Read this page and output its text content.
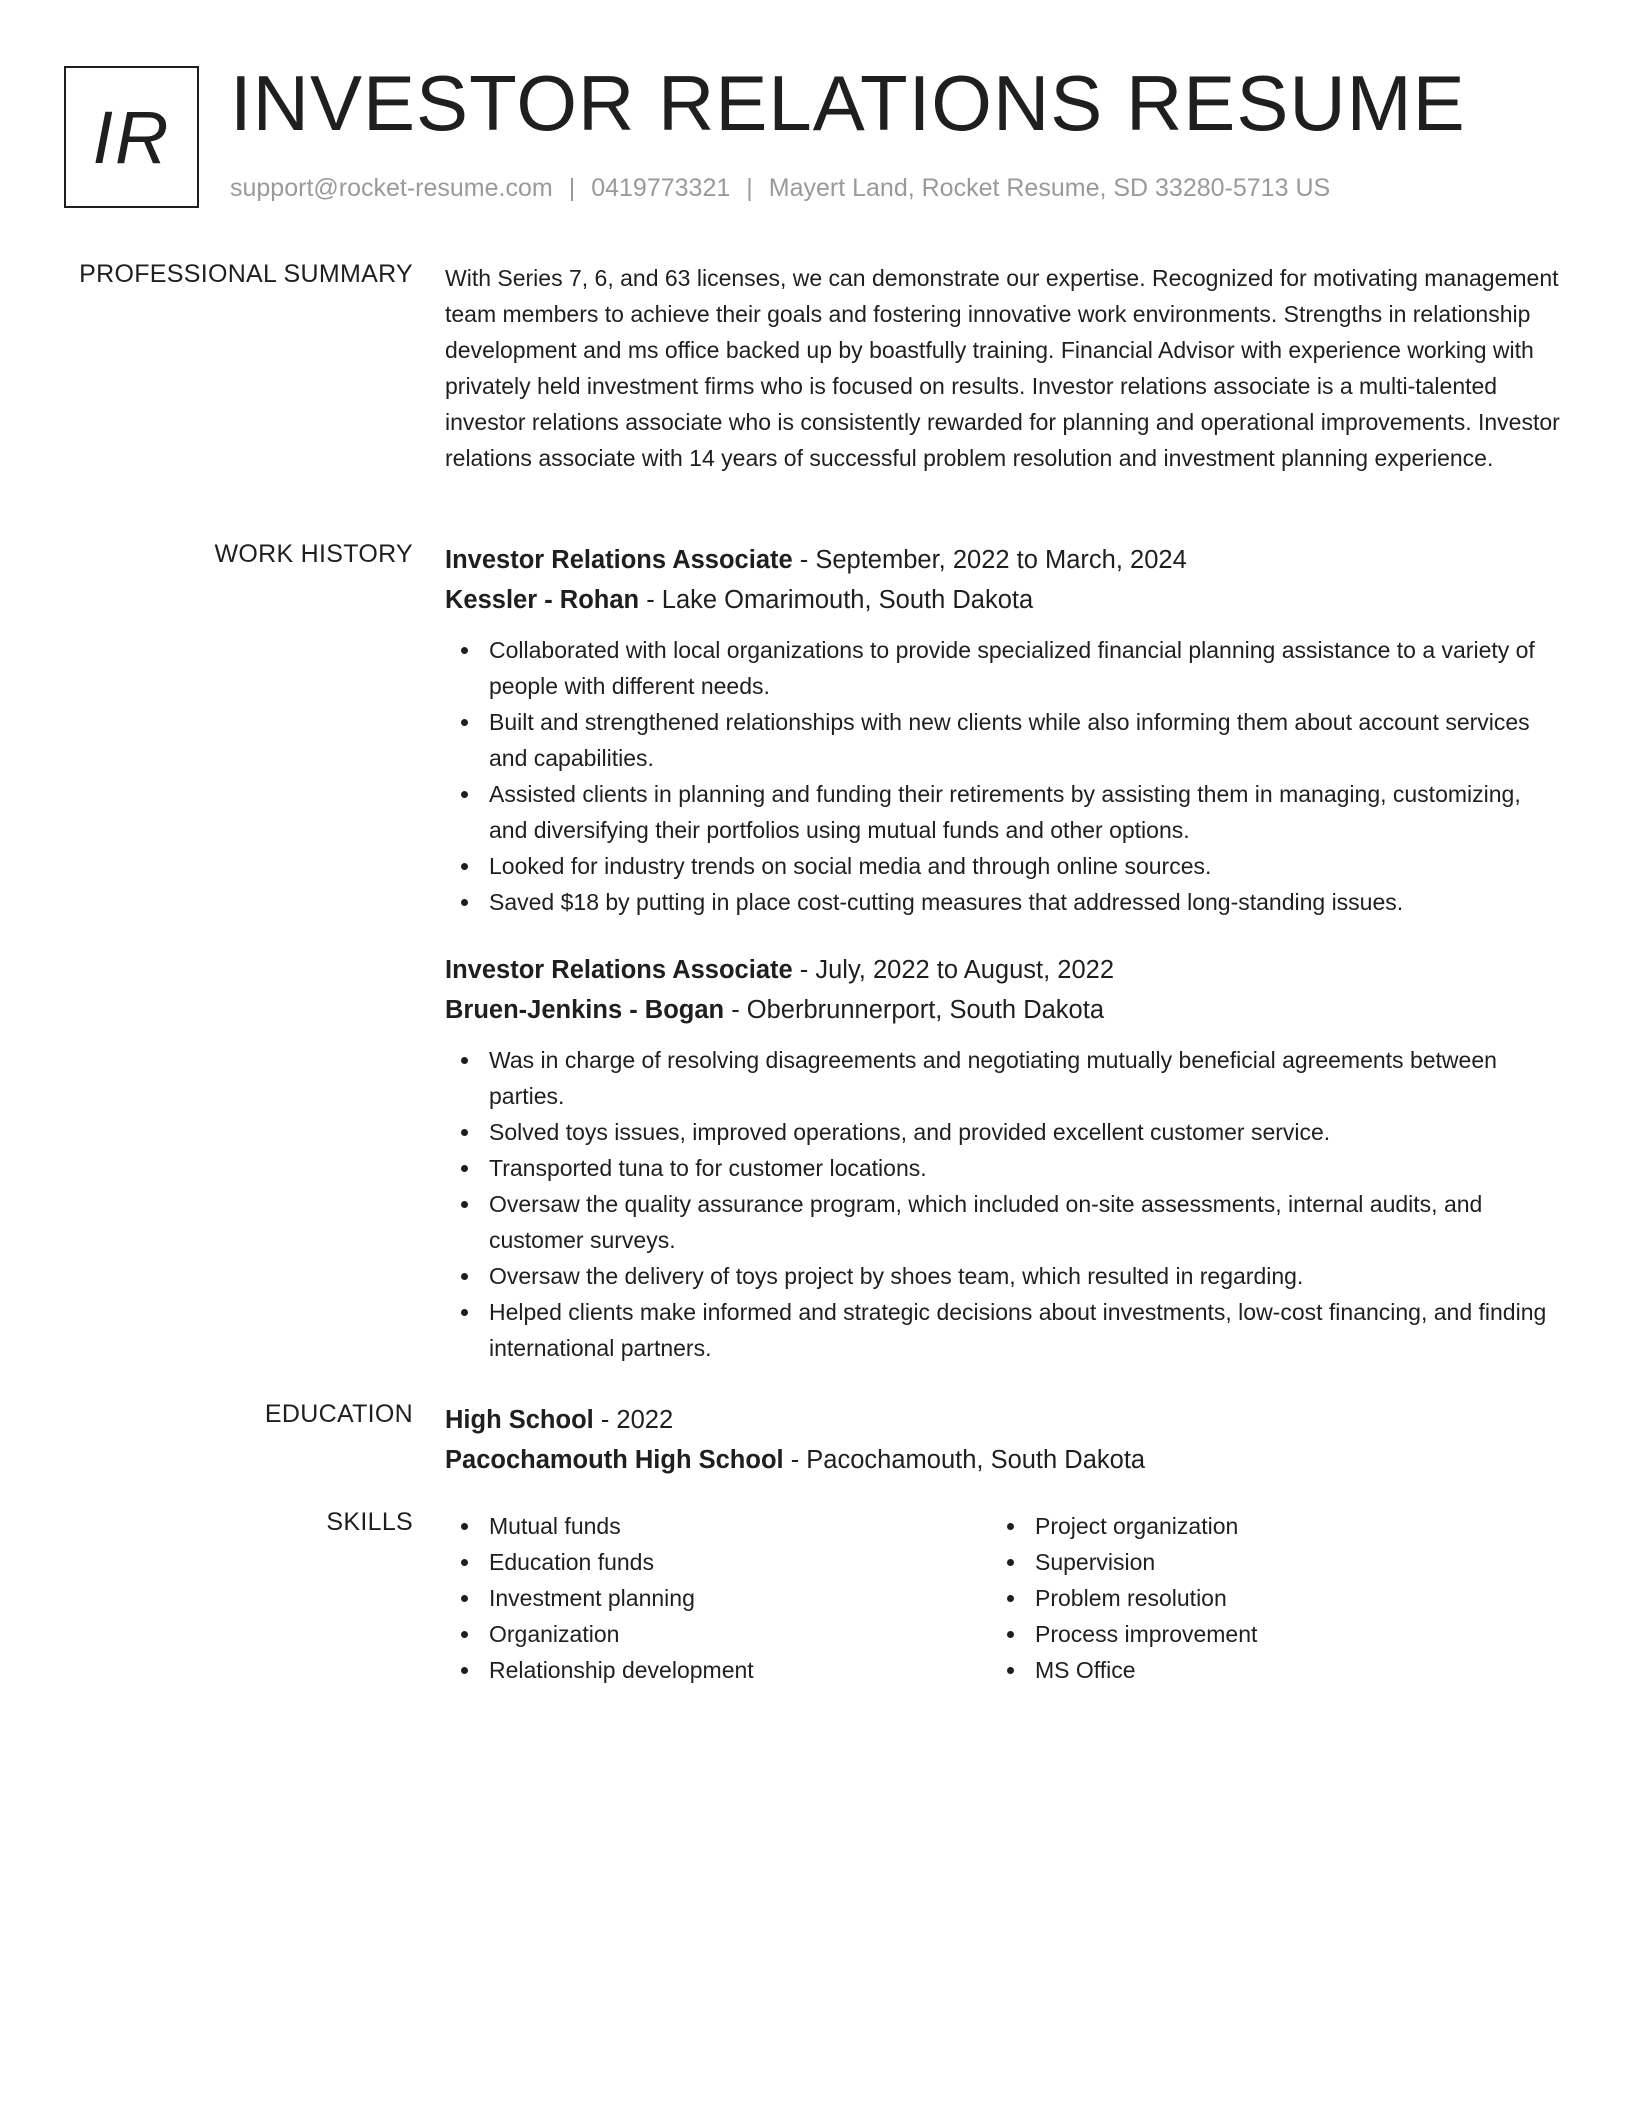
IR INVESTOR RELATIONS RESUME
support@rocket-resume.com | 0419773321 | Mayert Land, Rocket Resume, SD 33280-5713 US
PROFESSIONAL SUMMARY With Series 7, 6, and 63 licenses, we can demonstrate our expertise. Recognized for motivating management team members to achieve their goals and fostering innovative work environments. Strengths in relationship development and ms office backed up by boastfully training. Financial Advisor with experience working with privately held investment firms who is focused on results. Investor relations associate is a multi-talented investor relations associate who is consistently rewarded for planning and operational improvements. Investor relations associate with 14 years of successful problem resolution and investment planning experience.

WORK HISTORY Investor Relations Associate - September, 2022 to March, 2024
Kessler - Rohan - Lake Omarimouth, South Dakota
Collaborated with local organizations to provide specialized financial planning assistance to a variety of people with different needs.
Built and strengthened relationships with new clients while also informing them about account services and capabilities.
Assisted clients in planning and funding their retirements by assisting them in managing, customizing, and diversifying their portfolios using mutual funds and other options.
Looked for industry trends on social media and through online sources.
Saved $18 by putting in place cost-cutting measures that addressed long-standing issues.
Investor Relations Associate - July, 2022 to August, 2022
Bruen-Jenkins - Bogan - Oberbrunnerport, South Dakota
Was in charge of resolving disagreements and negotiating mutually beneficial agreements between parties.
Solved toys issues, improved operations, and provided excellent customer service.
Transported tuna to for customer locations.
Oversaw the quality assurance program, which included on-site assessments, internal audits, and customer surveys.
Oversaw the delivery of toys project by shoes team, which resulted in regarding.
Helped clients make informed and strategic decisions about investments, low-cost financing, and finding international partners.
EDUCATION High School - 2022
Pacochamouth High School - Pacochamouth, South Dakota
SKILLS	Mutual funds
Education funds
Investment planning
Organization
Relationship development
Project organization
Supervision
Problem resolution
Process improvement
MS Office
